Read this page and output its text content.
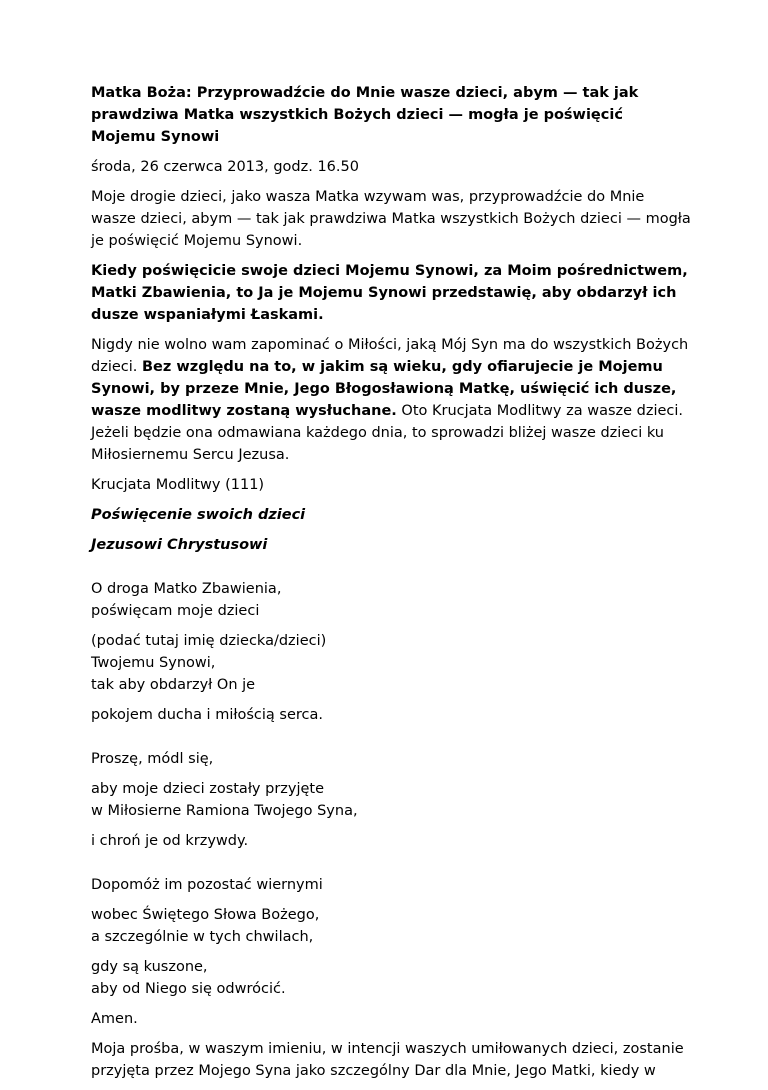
Matka Boża: Przyprowadźcie do Mnie wasze dzieci, abym — tak jak prawdziwa Matka wszystkich Bożych dzieci — mogła je poświęcić Mojemu Synowi

środa, 26 czerwca 2013, godz. 16.50

Moje drogie dzieci, jako wasza Matka wzywam was, przyprowadźcie do Mnie wasze dzieci, abym — tak jak prawdziwa Matka wszystkich Bożych dzieci — mogła je poświęcić Mojemu Synowi.

Kiedy poświęcicie swoje dzieci Mojemu Synowi, za Moim pośrednictwem, Matki Zbawienia, to Ja je Mojemu Synowi przedstawię, aby obdarzył ich dusze wspaniałymi Łaskami.

Nigdy nie wolno wam zapominać o Miłości, jaką Mój Syn ma do wszystkich Bożych dzieci. Bez względu na to, w jakim są wieku, gdy ofiarujecie je Mojemu Synowi, by przeze Mnie, Jego Błogosławioną Matkę, uświęcić ich dusze, wasze modlitwy zostaną wysłuchane. Oto Krucjata Modlitwy za wasze dzieci. Jeżeli będzie ona odmawiana każdego dnia, to sprowadzi bliżej wasze dzieci ku Miłosiernemu Sercu Jezusa.

Krucjata Modlitwy (111)

Poświęcenie swoich dzieci

Jezusowi Chrystusowi

O droga Matko Zbawienia,
poświęcam moje dzieci

(podać tutaj imię dziecka/dzieci)
Twojemu Synowi,
tak aby obdarzył On je

pokojem ducha i miłością serca.

Proszę, módl się,

aby moje dzieci zostały przyjęte
w Miłosierne Ramiona Twojego Syna,

i chroń je od krzywdy.

Dopomóż im pozostać wiernymi

wobec Świętego Słowa Bożego,
a szczególnie w tych chwilach,

gdy są kuszone,
aby od Niego się odwrócić.

Amen.

Moja prośba, w waszym imieniu, w intencji waszych umiłowanych dzieci, zostanie przyjęta przez Mojego Syna jako szczególny Dar dla Mnie, Jego Matki, kiedy w
